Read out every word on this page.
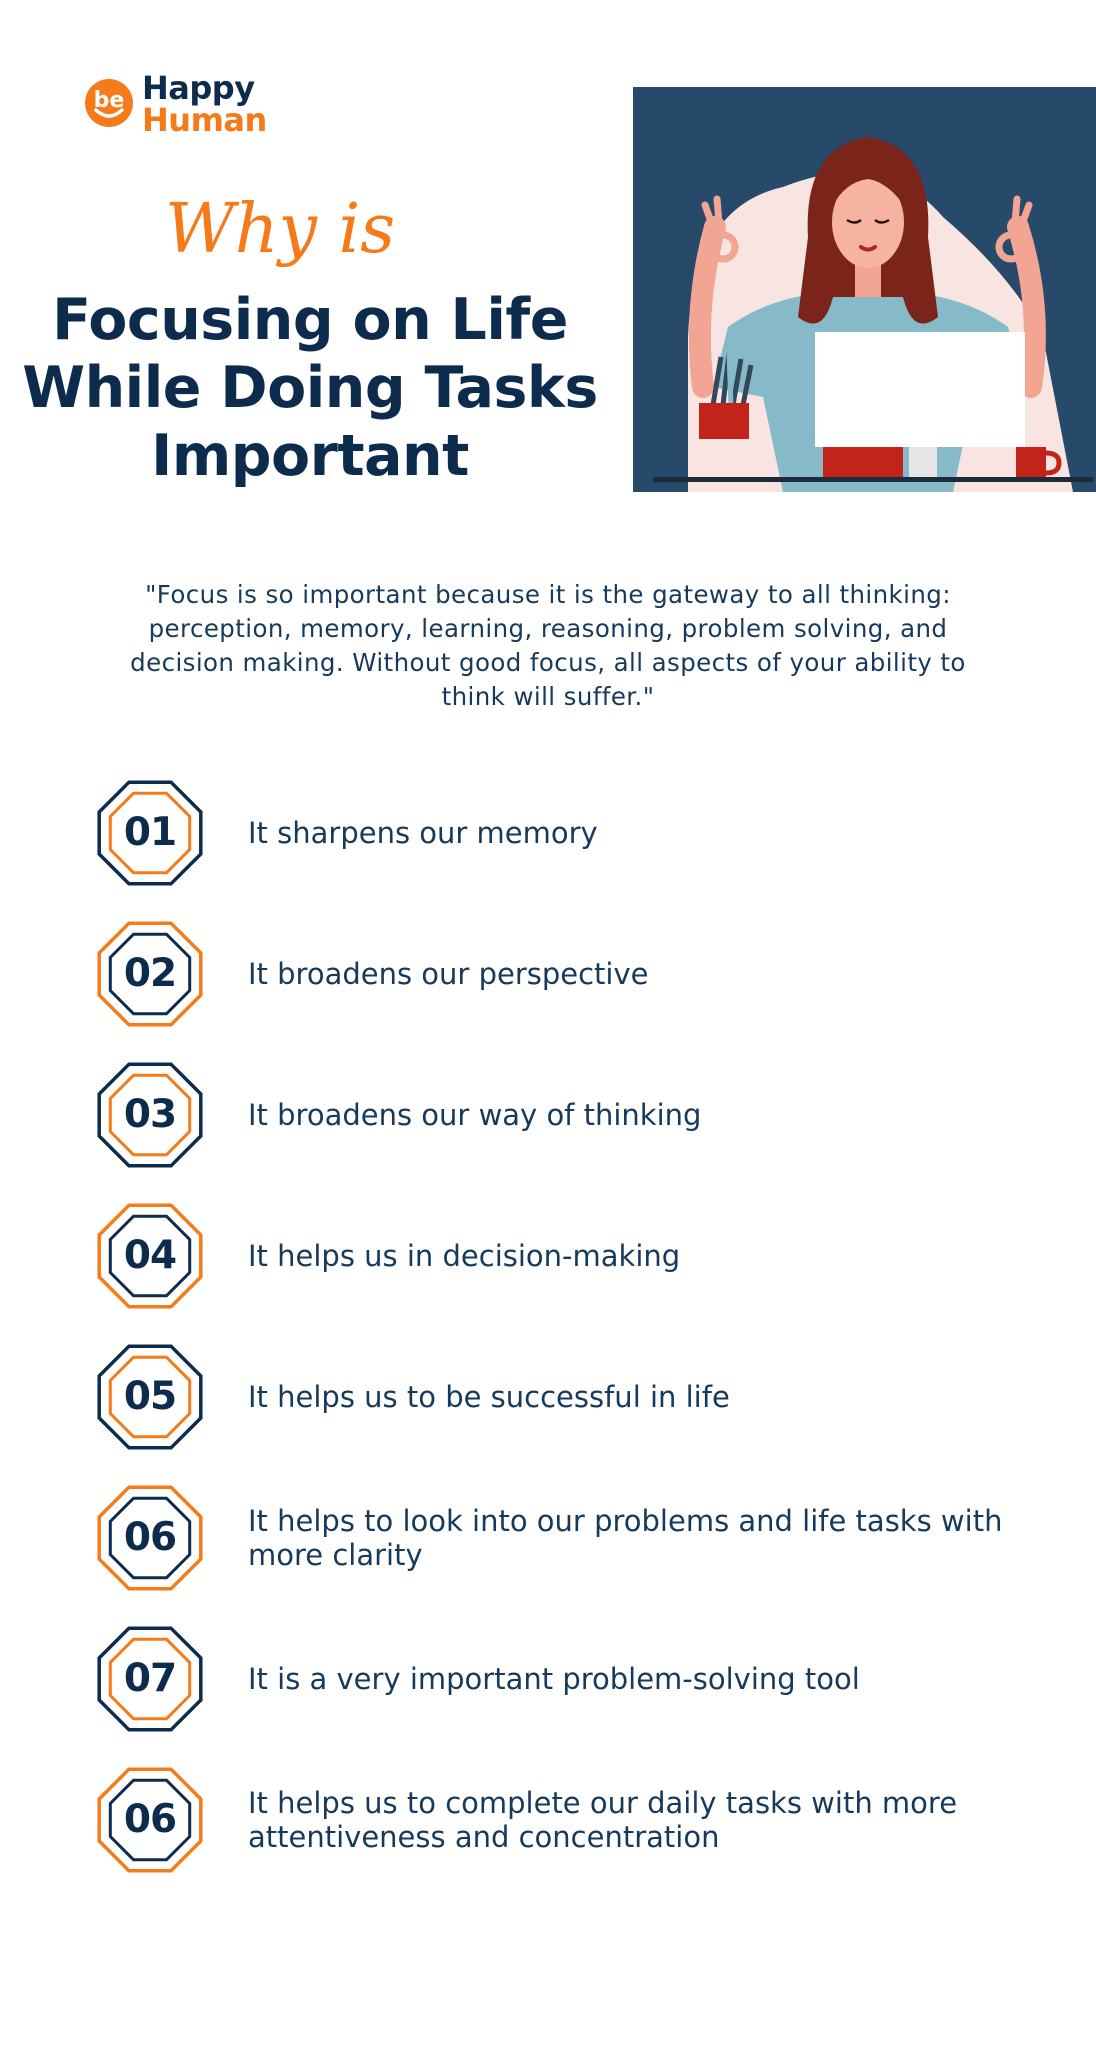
be Happy
Human
Why is
Focusing on Life
While Doing Tasks
Important
"Focus is so important because it is the gateway to all thinking: perception, memory, learning, reasoning, problem solving, and decision making. Without good focus, all aspects of your ability to think will suffer."
01	It sharpens our memory
02	It broadens our perspective
03	It broadens our way of thinking
04	It helps us in decision-making
05	It helps us to be successful in life
06	It helps to look into our problems and life tasks with more clarity
07	It is a very important problem-solving tool
06	It helps us to complete our daily tasks with more attentiveness and concentration
